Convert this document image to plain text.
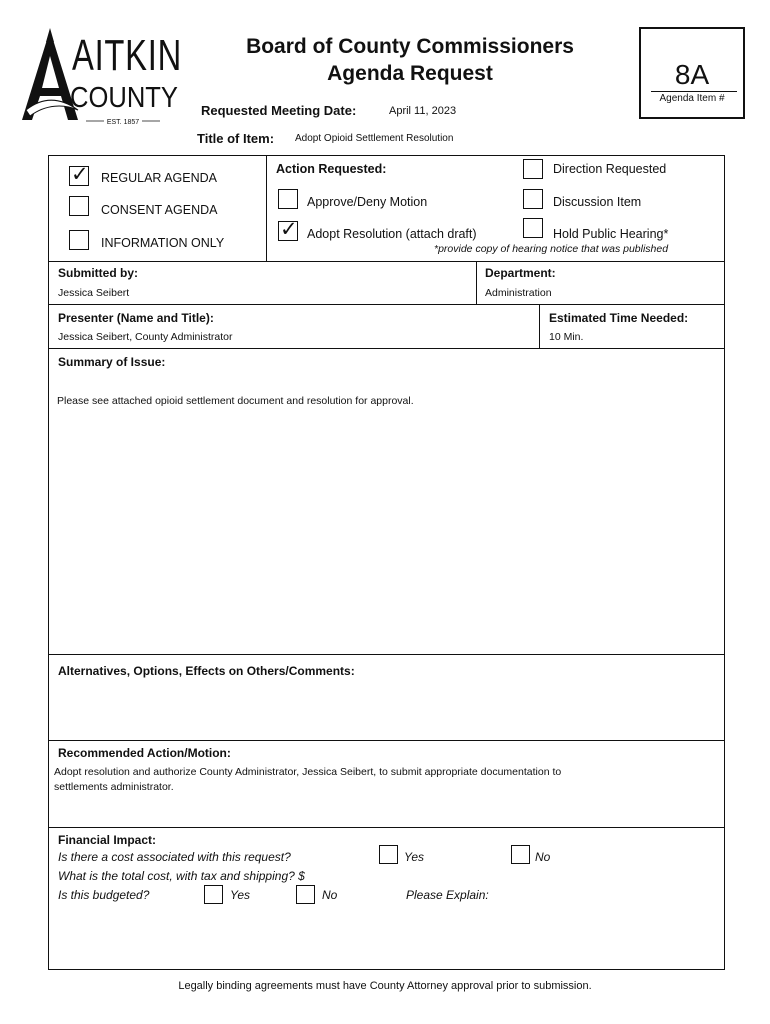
AITKIN
COUNTY
EST. 1857
Board of County Commissioners
Agenda Request
Requested Meeting Date:	April 11, 2023
Title of Item: Adopt Opioid Settlement Resolution
8A
Agenda Item #
✓ REGULAR AGENDA
CONSENT AGENDA
INFORMATION ONLY
Action Requested:
Approve/Deny Motion
✓ Adopt Resolution (attach draft)
Direction Requested
Discussion Item
Hold Public Hearing*
*provide copy of hearing notice that was published
Submitted by:
Jessica Seibert
Department:
Administration
Presenter (Name and Title):
Jessica Seibert, County Administrator
Estimated Time Needed:
10 Min.
Summary of Issue:
Please see attached opioid settlement document and resolution for approval.
Alternatives, Options, Effects on Others/Comments:
Recommended Action/Motion:
Adopt resolution and authorize County Administrator, Jessica Seibert, to submit appropriate documentation to
settlements administrator.
Financial Impact:
Is there a cost associated with this request?	Yes	No
What is the total cost, with tax and shipping? $
Is this budgeted?	Yes	No	Please Explain:
Legally binding agreements must have County Attorney approval prior to submission.
